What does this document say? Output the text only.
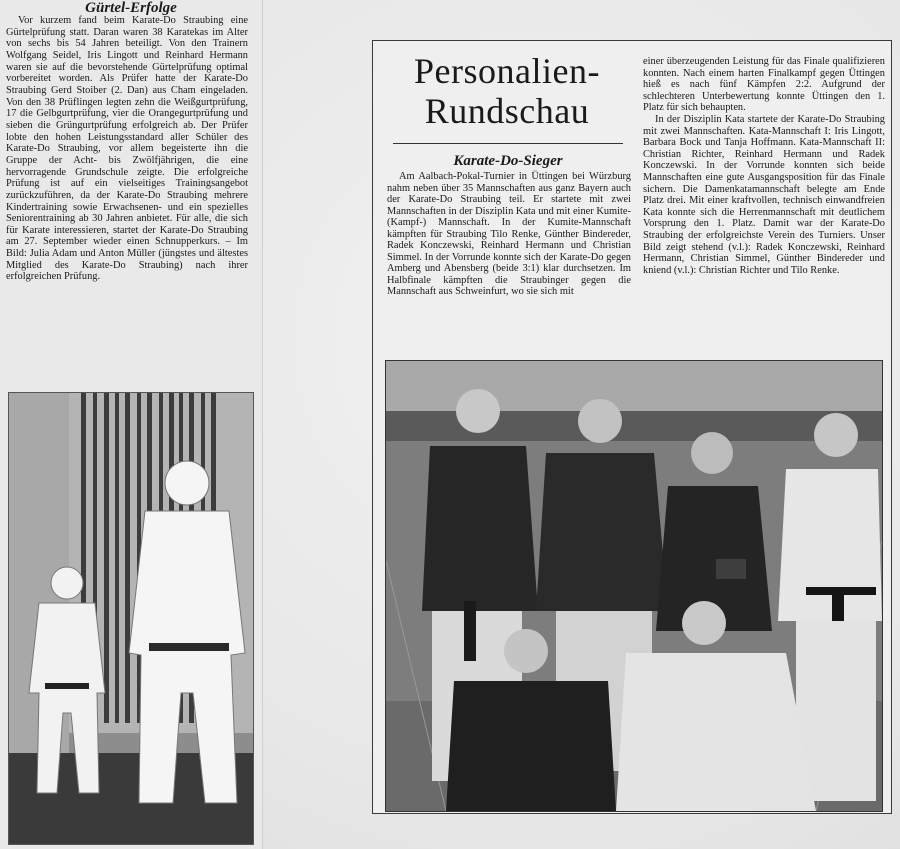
Gürtel-Erfolge

Vor kurzem fand beim Karate-Do Straubing eine Gürtelprüfung statt. Daran waren 38 Karatekas im Alter von sechs bis 54 Jahren beteiligt. Von den Trainern Wolfgang Seidel, Iris Lingott und Reinhard Hermann waren sie auf die bevorstehende Gürtelprüfung optimal vorbereitet worden. Als Prüfer hatte der Karate-Do Straubing Gerd Stoiber (2. Dan) aus Cham eingeladen. Von den 38 Prüflingen legten zehn die Weißgurtprüfung, 17 die Gelbgurtprüfung, vier die Orangegurtprüfung und sieben die Grüngurtprüfung erfolgreich ab. Der Prüfer lobte den hohen Leistungsstandard aller Schüler des Karate-Do Straubing, vor allem begeisterte ihn die Gruppe der Acht- bis Zwölfjährigen, die eine hervorragende Grundschule zeigte. Die erfolgreiche Prüfung ist auf ein vielseitiges Trainingsangebot zurückzuführen, da der Karate-Do Straubing mehrere Kindertraining sowie Erwachsenen- und ein spezielles Seniorentraining ab 30 Jahren anbietet. Für alle, die sich für Karate interessieren, startet der Karate-Do Straubing am 27. September wieder einen Schnupperkurs. – Im Bild: Julia Adam und Anton Müller (jüngstes und ältestes Mitglied des Karate-Do Straubing) nach ihrer erfolgreichen Prüfung.

Personalien-Rundschau
Karate-Do-Sieger

Am Aalbach-Pokal-Turnier in Üttingen bei Würzburg nahm neben über 35 Mannschaften aus ganz Bayern auch der Karate-Do Straubing teil. Er startete mit zwei Mannschaften in der Disziplin Kata und mit einer Kumite- (Kampf-) Mannschaft. In der Kumite-Mannschaft kämpften für Straubing Tilo Renke, Günther Bindereder, Radek Konczewski, Reinhard Hermann und Christian Simmel. In der Vorrunde konnte sich der Karate-Do gegen Amberg und Abensberg (beide 3:1) klar durchsetzen. Im Halbfinale kämpften die Straubinger gegen die Mannschaft aus Schweinfurt, wo sie sich mit

einer überzeugenden Leistung für das Finale qualifizieren konnten. Nach einem harten Finalkampf gegen Üttingen hieß es nach fünf Kämpfen 2:2. Aufgrund der schlechteren Unterbewertung konnte Üttingen den 1. Platz für sich behaupten.

In der Disziplin Kata startete der Karate-Do Straubing mit zwei Mannschaften. Kata-Mannschaft I: Iris Lingott, Barbara Bock und Tanja Hoffmann. Kata-Mannschaft II: Christian Richter, Reinhard Hermann und Radek Konczewski. In der Vorrunde konnten sich beide Mannschaften eine gute Ausgangsposition für das Finale sichern. Die Damenkatamannschaft belegte am Ende Platz drei. Mit einer kraftvollen, technisch einwandfreien Kata konnte sich die Herrenmannschaft mit deutlichem Vorsprung den 1. Platz. Damit war der Karate-Do Straubing der erfolgreichste Verein des Turniers. Unser Bild zeigt stehend (v.l.): Radek Konczewski, Reinhard Hermann, Christian Simmel, Günther Bindereder und kniend (v.l.): Christian Richter und Tilo Renke.
